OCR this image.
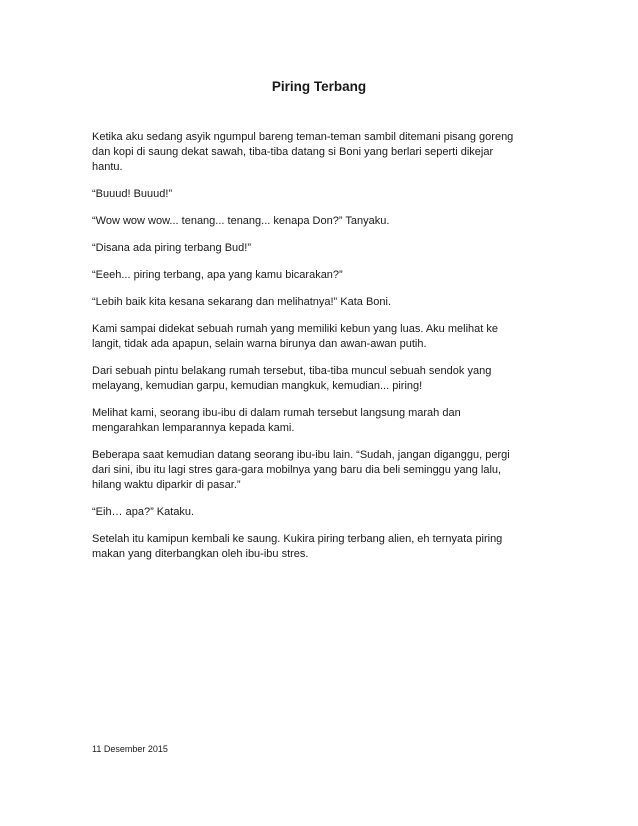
Piring Terbang

Ketika aku sedang asyik ngumpul bareng teman-teman sambil ditemani pisang goreng
dan kopi di saung dekat sawah, tiba-tiba datang si Boni yang berlari seperti dikejar
hantu.

“Buuud! Buuud!”

“Wow wow wow... tenang... tenang... kenapa Don?” Tanyaku.

“Disana ada piring terbang Bud!”

“Eeeh... piring terbang, apa yang kamu bicarakan?”

“Lebih baik kita kesana sekarang dan melihatnya!” Kata Boni.

Kami sampai didekat sebuah rumah yang memiliki kebun yang luas. Aku melihat ke
langit, tidak ada apapun, selain warna birunya dan awan-awan putih.

Dari sebuah pintu belakang rumah tersebut, tiba-tiba muncul sebuah sendok yang
melayang, kemudian garpu, kemudian mangkuk, kemudian... piring!

Melihat kami, seorang ibu-ibu di dalam rumah tersebut langsung marah dan
mengarahkan lemparannya kepada kami.

Beberapa saat kemudian datang seorang ibu-ibu lain. “Sudah, jangan diganggu, pergi
dari sini, ibu itu lagi stres gara-gara mobilnya yang baru dia beli seminggu yang lalu,
hilang waktu diparkir di pasar.”

“Eih… apa?” Kataku.

Setelah itu kamipun kembali ke saung. Kukira piring terbang alien, eh ternyata piring
makan yang diterbangkan oleh ibu-ibu stres.

11 Desember 2015
